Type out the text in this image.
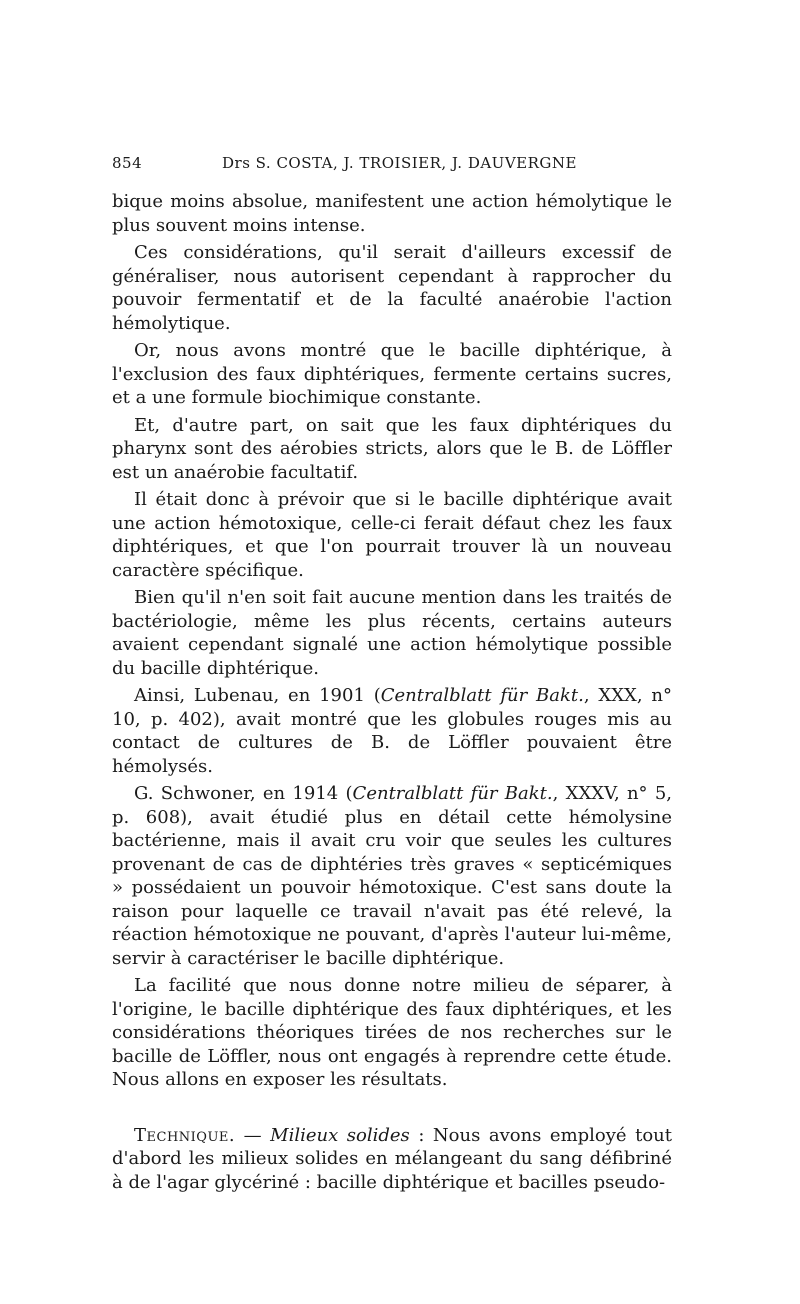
854	Drs S. COSTA, J. TROISIER, J. DAUVERGNE

bique moins absolue, manifestent une action hémolytique le plus souvent moins intense.

Ces considérations, qu'il serait d'ailleurs excessif de généraliser, nous autorisent cependant à rapprocher du pouvoir fermentatif et de la faculté anaérobie l'action hémolytique.

Or, nous avons montré que le bacille diphtérique, à l'exclusion des faux diphtériques, fermente certains sucres, et a une formule biochimique constante.

Et, d'autre part, on sait que les faux diphtériques du pharynx sont des aérobies stricts, alors que le B. de Löffler est un anaérobie facultatif.

Il était donc à prévoir que si le bacille diphtérique avait une action hémotoxique, celle-ci ferait défaut chez les faux diphtériques, et que l'on pourrait trouver là un nouveau caractère spécifique.

Bien qu'il n'en soit fait aucune mention dans les traités de bactériologie, même les plus récents, certains auteurs avaient cependant signalé une action hémolytique possible du bacille diphtérique.

Ainsi, Lubenau, en 1901 (Centralblatt für Bakt., XXX, n° 10, p. 402), avait montré que les globules rouges mis au contact de cultures de B. de Löffler pouvaient être hémolysés.

G. Schwoner, en 1914 (Centralblatt für Bakt., XXXV, n° 5, p. 608), avait étudié plus en détail cette hémolysine bactérienne, mais il avait cru voir que seules les cultures provenant de cas de diphtéries très graves « septicémiques » possédaient un pouvoir hémotoxique. C'est sans doute la raison pour laquelle ce travail n'avait pas été relevé, la réaction hémotoxique ne pouvant, d'après l'auteur lui-même, servir à caractériser le bacille diphtérique.

La facilité que nous donne notre milieu de séparer, à l'origine, le bacille diphtérique des faux diphtériques, et les considérations théoriques tirées de nos recherches sur le bacille de Löffler, nous ont engagés à reprendre cette étude. Nous allons en exposer les résultats.

Technique. — Milieux solides : Nous avons employé tout d'abord les milieux solides en mélangeant du sang défibriné à de l'agar glycériné : bacille diphtérique et bacilles pseudo-
